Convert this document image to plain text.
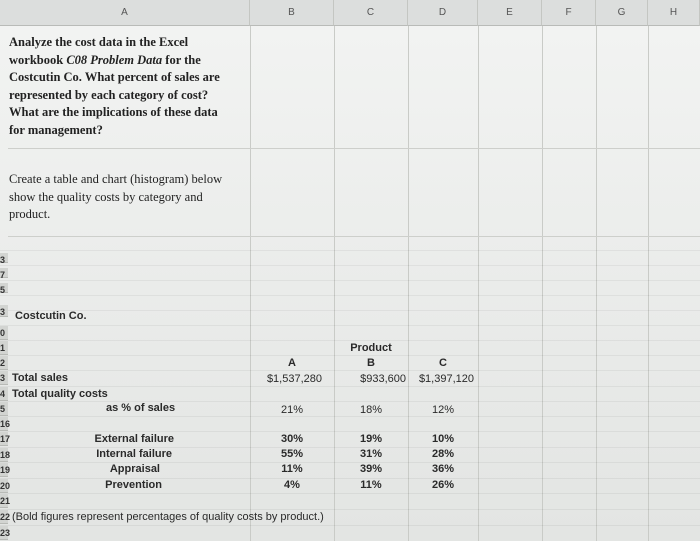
A	B	C	D	E	F	G	H
3
7
5
3
0
1
2
3
4
5
16
17
18
19
20
21
22
23
Analyze the cost data in the Excel
workbook C08 Problem Data for the
Costcutin Co. What percent of sales are
represented by each category of cost?
What are the implications of these data
for management?
Create a table and chart (histogram) below
show the quality costs by category and
product.
Costcutin Co.
Product
A	B	C
Total sales	$1,537,280	$933,600	$1,397,120
Total quality costs
as % of sales	21%	18%	12%
External failure	30%	19%	10%
Internal failure	55%	31%	28%
Appraisal	11%	39%	36%
Prevention	4%	11%	26%
(Bold figures represent percentages of quality costs by product.)
